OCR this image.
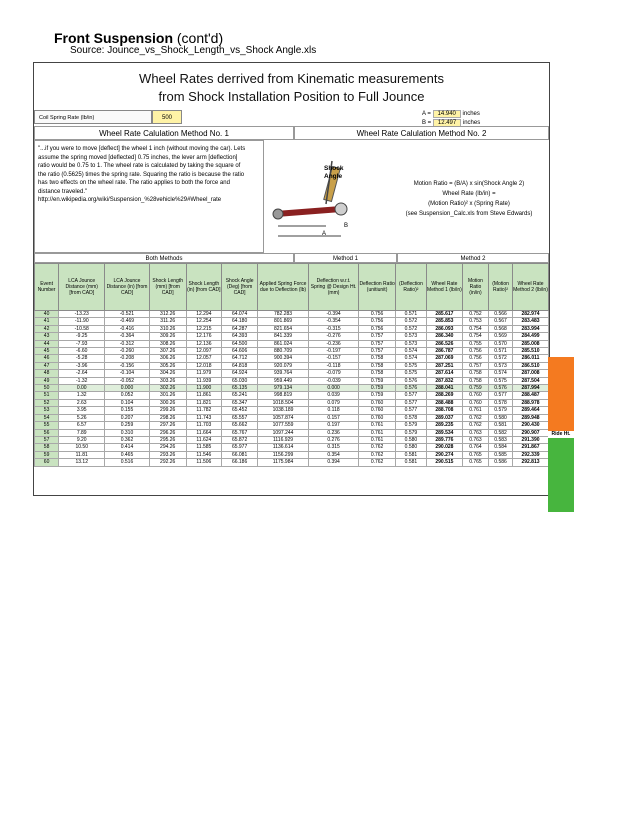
Front Suspension (cont'd)
Source: Jounce_vs_Shock_Length_vs_Shock Angle.xls
Wheel Rates derrived from Kinematic measurements
from Shock Installation Position to Full Jounce
Coil Spring Rate (lb/in)	500
A = 14.940 inches
B = 12.497 inches
Wheel Rate Calulation Method No. 1	Wheel Rate Calulation Method No. 2
"...if you were to move [deflect] the wheel 1 inch (without moving the car). Lets assume the spring moved [deflected] 0.75 inches, the lever arm [deflection] ratio would be 0.75 to 1. The wheel rate is calculated by taking the square of the ratio (0.5625) times the spring rate. Squaring the ratio is because the ratio has two effects on the wheel rate. The ratio applies to both the force and distance traveled." http://en.wikipedia.org/wiki/Suspension_%28vehicle%29#Wheel_rate
B
A
Shock Angle
Motion Ratio = (B/A) x sin(Shock Angle 2)
Wheel Rate (lb/in) =
(Motion Ratio)² x (Spring Rate)
(see Suspension_Calc.xls from Steve Edwards)
Both Methods	Method 1	Method 2
Event Number	LCA Jounce Distance (mm) [from CAD]	LCA Jounce Distance (in) [from CAD]	Shock Length (mm) [from CAD]	Shock Length (in) [from CAD]	Shock Angle (Deg) [from CAD]	Applied Spring Force due to Deflection (lb)	Deflection w.r.t. Spring @ Design Ht. (mm)	Deflection Ratio (unitiunit)	(Deflection Ratio)²	Wheel Rate Method 1 (lb/in)	Motion Ratio (in/in)	(Motion Ratio)²	Wheel Rate Method 2 (lb/in)
40	-13.23	-0.521	312.26	12.294	64.074	782.283	-0.394	0.756	0.571	285.617	0.752	0.566	282.974
41	-11.90	-0.469	311.26	12.254	64.180	801.869	-0.354	0.756	0.572	285.853	0.753	0.567	283.483
42	-10.58	-0.416	310.26	12.215	64.287	821.654	-0.315	0.756	0.572	286.093	0.754	0.568	283.994
43	-9.25	-0.364	309.26	12.176	64.393	841.339	-0.276	0.757	0.573	286.340	0.754	0.569	284.499
44	-7.93	-0.312	308.26	12.136	64.500	861.024	-0.236	0.757	0.573	286.526	0.755	0.570	285.008
45	-6.60	-0.260	307.26	12.097	64.606	880.709	-0.197	0.757	0.574	286.787	0.756	0.571	285.510
46	-5.28	-0.208	306.26	12.057	64.712	900.394	-0.157	0.758	0.574	287.069	0.756	0.572	286.011
47	-3.96	-0.156	305.26	12.018	64.818	920.079	-0.118	0.758	0.575	287.251	0.757	0.573	286.510
48	-2.64	-0.104	304.26	11.979	64.924	939.764	-0.079	0.758	0.575	287.614	0.758	0.574	287.008
49	-1.32	-0.052	303.26	11.939	65.030	959.449	-0.039	0.759	0.576	287.832	0.758	0.575	287.504
50	0.00	0.000	302.26	11.900	65.135	979.134	0.000	0.759	0.576	288.041	0.759	0.576	287.994
51	1.32	0.052	301.26	11.861	65.241	998.819	0.039	0.759	0.577	288.269	0.760	0.577	288.487
52	2.63	0.104	300.26	11.821	65.347	1018.504	0.079	0.760	0.577	288.488	0.760	0.578	288.978
53	3.95	0.155	299.26	11.782	65.452	1038.189	0.118	0.760	0.577	288.708	0.761	0.579	289.464
54	5.26	0.207	298.26	11.743	65.557	1057.874	0.157	0.760	0.578	289.037	0.762	0.580	289.948
55	6.57	0.259	297.26	11.703	65.662	1077.559	0.197	0.761	0.579	289.235	0.762	0.581	290.430
56	7.89	0.310	296.26	11.664	65.767	1097.244	0.236	0.761	0.579	289.534	0.763	0.582	290.907
57	9.20	0.362	295.26	11.624	65.872	1116.929	0.276	0.761	0.580	289.776	0.763	0.583	291.390
58	10.50	0.414	294.26	11.585	65.977	1136.614	0.315	0.762	0.580	290.028	0.764	0.584	291.867
59	11.81	0.465	293.26	11.546	66.081	1156.299	0.354	0.762	0.581	290.274	0.765	0.585	292.339
60	13.12	0.516	292.26	11.506	66.186	1175.984	0.394	0.762	0.581	290.515	0.765	0.586	292.813
Ride Ht.
